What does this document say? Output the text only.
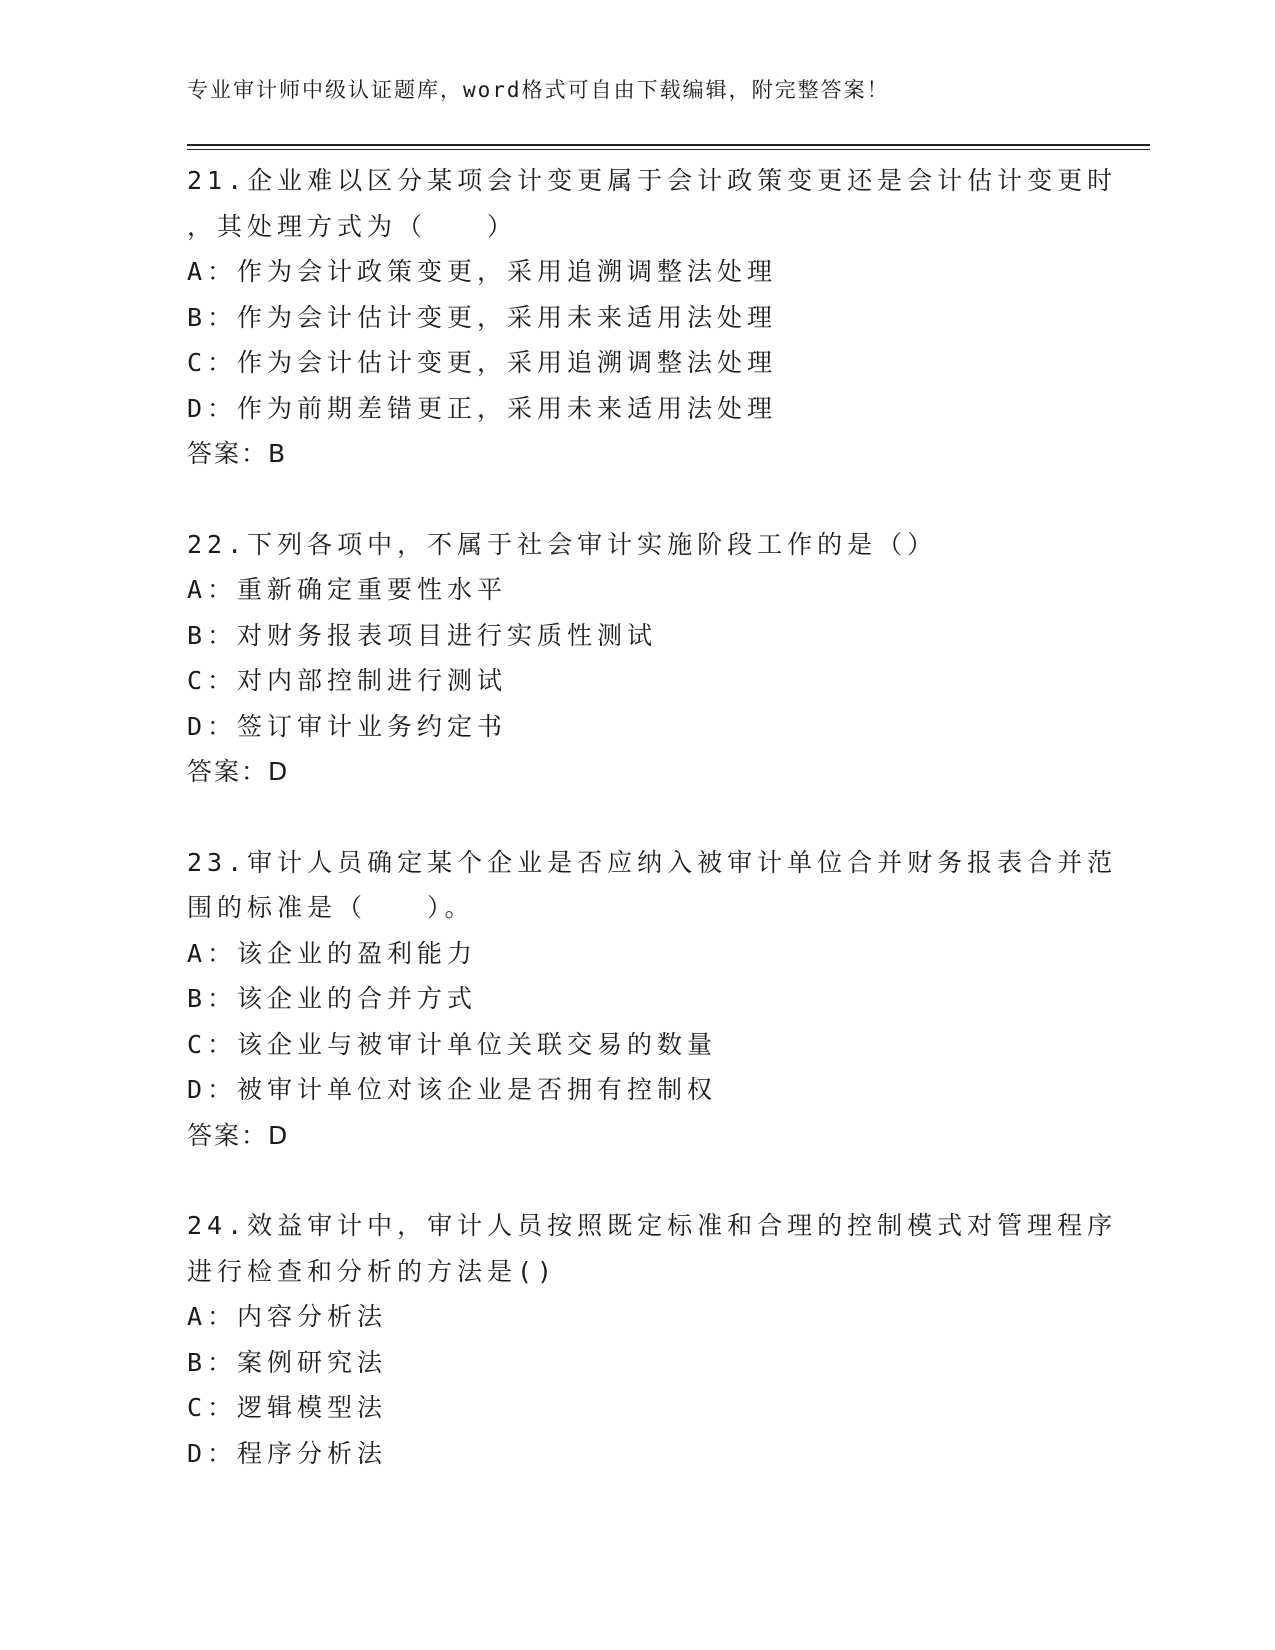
专业审计师中级认证题库，word格式可自由下载编辑，附完整答案！
21.企业难以区分某项会计变更属于会计政策变更还是会计估计变更时
，其处理方式为（　　）
A：作为会计政策变更，采用追溯调整法处理
B：作为会计估计变更，采用未来适用法处理
C：作为会计估计变更，采用追溯调整法处理
D：作为前期差错更正，采用未来适用法处理
答案：B
22.下列各项中，不属于社会审计实施阶段工作的是（）
A：重新确定重要性水平
B：对财务报表项目进行实质性测试
C：对内部控制进行测试
D：签订审计业务约定书
答案：D
23.审计人员确定某个企业是否应纳入被审计单位合并财务报表合并范
围的标准是（　　）。
A：该企业的盈利能力
B：该企业的合并方式
C：该企业与被审计单位关联交易的数量
D：被审计单位对该企业是否拥有控制权
答案：D
24.效益审计中，审计人员按照既定标准和合理的控制模式对管理程序
进行检查和分析的方法是()
A：内容分析法
B：案例研究法
C：逻辑模型法
D：程序分析法
